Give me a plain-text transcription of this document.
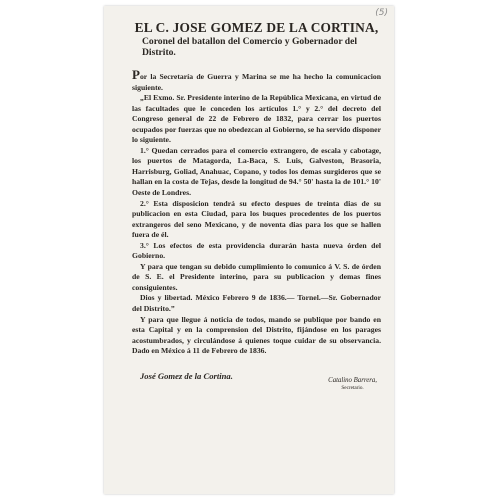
(5)
EL C. JOSE GOMEZ DE LA CORTINA,
Coronel del batallon del Comercio y Gobernador del Distrito.

Por la Secretaría de Guerra y Marina se me ha hecho la comunicacion siguiente.

„El Exmo. Sr. Presidente interino de la República Mexicana, en virtud de las facultades que le conceden los artículos 1.° y 2.° del decreto del Congreso general de 22 de Febrero de 1832, para cerrar los puertos ocupados por fuerzas que no obedezcan al Gobierno, se ha servido disponer lo siguiente.

1.° Quedan cerrados para el comercio extrangero, de escala y cabotage, los puertos de Matagorda, La-Baca, S. Luis, Galveston, Brasoria, Harrisburg, Goliad, Anahuac, Copano, y todos los demas surgideros que se hallan en la costa de Tejas, desde la longitud de 94.° 50' hasta la de 101.° 10' Oeste de Londres.

2.° Esta disposicion tendrá su efecto despues de treinta dias de su publicacion en esta Ciudad, para los buques procedentes de los puertos extrangeros del seno Mexicano, y de noventa dias para los que se hallen fuera de él.

3.° Los efectos de esta providencia durarán hasta nueva órden del Gobierno.

Y para que tengan su debido cumplimiento lo comunico á V. S. de órden de S. E. el Presidente interino, para su publicacion y demas fines consiguientes.

Dios y libertad. México Febrero 9 de 1836.— Tornel.—Sr. Gobernador del Distrito.”

Y para que llegue á noticia de todos, mando se publique por bando en esta Capital y en la comprension del Distrito, fijándose en los parages acostumbrados, y circulándose á quienes toque cuidar de su observancia. Dado en México á 11 de Febrero de 1836.

José Gomez de la Cortina.	Catalino Barrera,
Secretario.
